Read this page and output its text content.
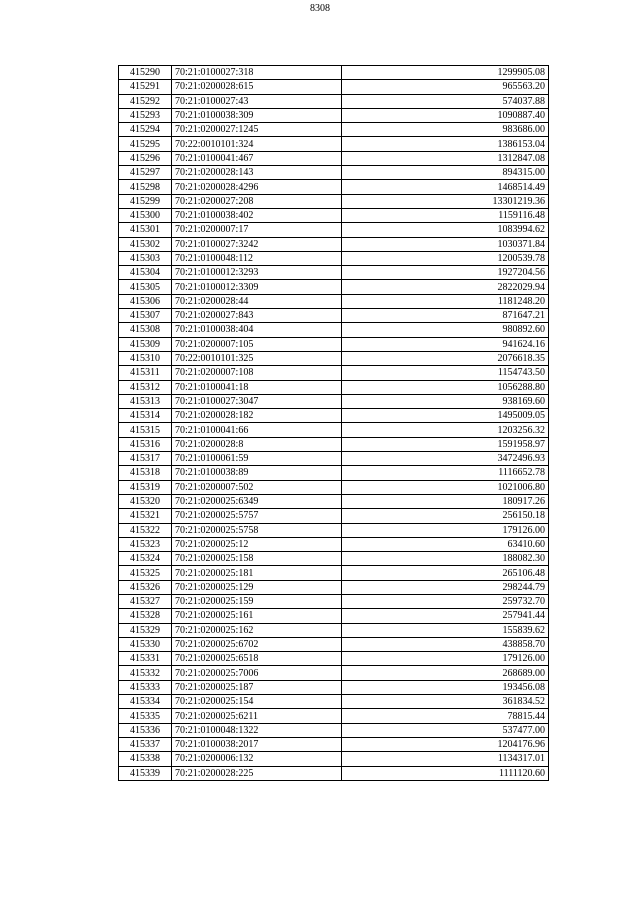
8308
415290	70:21:0100027:318	1299905.08
415291	70:21:0200028:615	965563.20
415292	70:21:0100027:43	574037.88
415293	70:21:0100038:309	1090887.40
415294	70:21:0200027:1245	983686.00
415295	70:22:0010101:324	1386153.04
415296	70:21:0100041:467	1312847.08
415297	70:21:0200028:143	894315.00
415298	70:21:0200028:4296	1468514.49
415299	70:21:0200027:208	13301219.36
415300	70:21:0100038:402	1159116.48
415301	70:21:0200007:17	1083994.62
415302	70:21:0100027:3242	1030371.84
415303	70:21:0100048:112	1200539.78
415304	70:21:0100012:3293	1927204.56
415305	70:21:0100012:3309	2822029.94
415306	70:21:0200028:44	1181248.20
415307	70:21:0200027:843	871647.21
415308	70:21:0100038:404	980892.60
415309	70:21:0200007:105	941624.16
415310	70:22:0010101:325	2076618.35
415311	70:21:0200007:108	1154743.50
415312	70:21:0100041:18	1056288.80
415313	70:21:0100027:3047	938169.60
415314	70:21:0200028:182	1495009.05
415315	70:21:0100041:66	1203256.32
415316	70:21:0200028:8	1591958.97
415317	70:21:0100061:59	3472496.93
415318	70:21:0100038:89	1116652.78
415319	70:21:0200007:502	1021006.80
415320	70:21:0200025:6349	180917.26
415321	70:21:0200025:5757	256150.18
415322	70:21:0200025:5758	179126.00
415323	70:21:0200025:12	63410.60
415324	70:21:0200025:158	188082.30
415325	70:21:0200025:181	265106.48
415326	70:21:0200025:129	298244.79
415327	70:21:0200025:159	259732.70
415328	70:21:0200025:161	257941.44
415329	70:21:0200025:162	155839.62
415330	70:21:0200025:6702	438858.70
415331	70:21:0200025:6518	179126.00
415332	70:21:0200025:7006	268689.00
415333	70:21:0200025:187	193456.08
415334	70:21:0200025:154	361834.52
415335	70:21:0200025:6211	78815.44
415336	70:21:0100048:1322	537477.00
415337	70:21:0100038:2017	1204176.96
415338	70:21:0200006:132	1134317.01
415339	70:21:0200028:225	1111120.60
